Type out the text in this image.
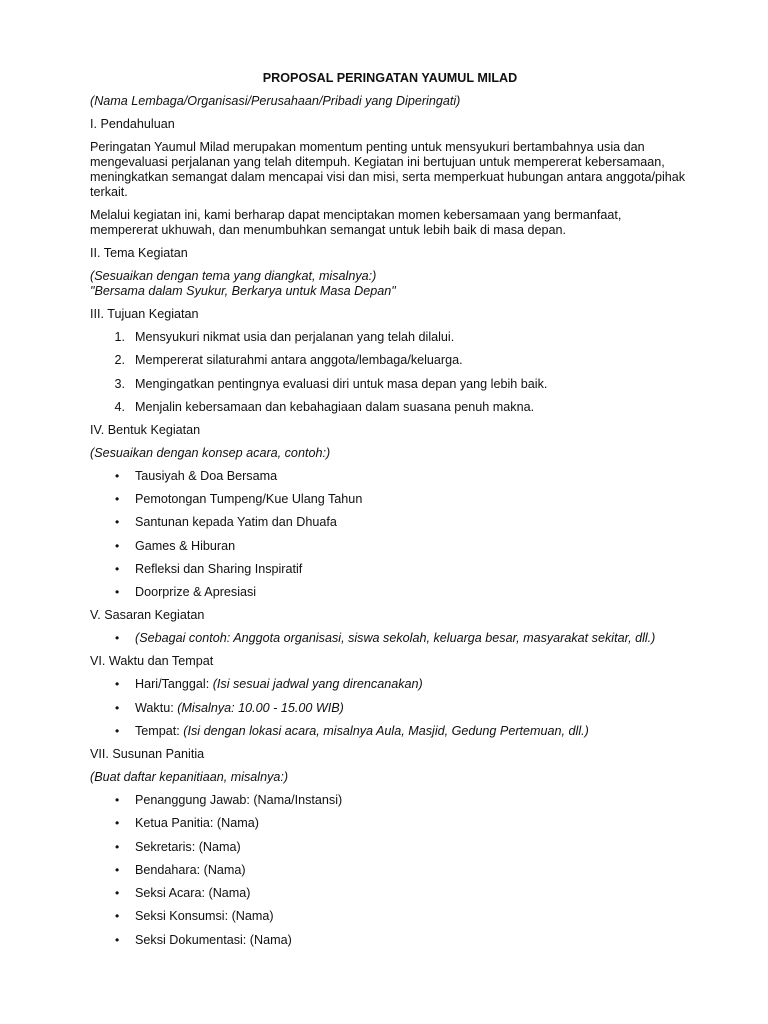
PROPOSAL PERINGATAN YAUMUL MILAD

(Nama Lembaga/Organisasi/Perusahaan/Pribadi yang Diperingati)

I. Pendahuluan

Peringatan Yaumul Milad merupakan momentum penting untuk mensyukuri bertambahnya usia dan mengevaluasi perjalanan yang telah ditempuh. Kegiatan ini bertujuan untuk mempererat kebersamaan, meningkatkan semangat dalam mencapai visi dan misi, serta memperkuat hubungan antara anggota/pihak terkait.

Melalui kegiatan ini, kami berharap dapat menciptakan momen kebersamaan yang bermanfaat, mempererat ukhuwah, dan menumbuhkan semangat untuk lebih baik di masa depan.

II. Tema Kegiatan
(Sesuaikan dengan tema yang diangkat, misalnya:)
"Bersama dalam Syukur, Berkarya untuk Masa Depan"
III. Tujuan Kegiatan
1. Mensyukuri nikmat usia dan perjalanan yang telah dilalui.
2. Mempererat silaturahmi antara anggota/lembaga/keluarga.
3. Mengingatkan pentingnya evaluasi diri untuk masa depan yang lebih baik.
4. Menjalin kebersamaan dan kebahagiaan dalam suasana penuh makna.
IV. Bentuk Kegiatan

(Sesuaikan dengan konsep acara, contoh:)

• Tausiyah & Doa Bersama
• Pemotongan Tumpeng/Kue Ulang Tahun
• Santunan kepada Yatim dan Dhuafa
• Games & Hiburan
• Refleksi dan Sharing Inspiratif
• Doorprize & Apresiasi
V. Sasaran Kegiatan
• (Sebagai contoh: Anggota organisasi, siswa sekolah, keluarga besar, masyarakat sekitar, dll.)
VI. Waktu dan Tempat
• Hari/Tanggal: (Isi sesuai jadwal yang direncanakan)
• Waktu: (Misalnya: 10.00 - 15.00 WIB)
• Tempat: (Isi dengan lokasi acara, misalnya Aula, Masjid, Gedung Pertemuan, dll.)
VII. Susunan Panitia

(Buat daftar kepanitiaan, misalnya:)

• Penanggung Jawab: (Nama/Instansi)
• Ketua Panitia: (Nama)
• Sekretaris: (Nama)
• Bendahara: (Nama)
• Seksi Acara: (Nama)
• Seksi Konsumsi: (Nama)
• Seksi Dokumentasi: (Nama)
